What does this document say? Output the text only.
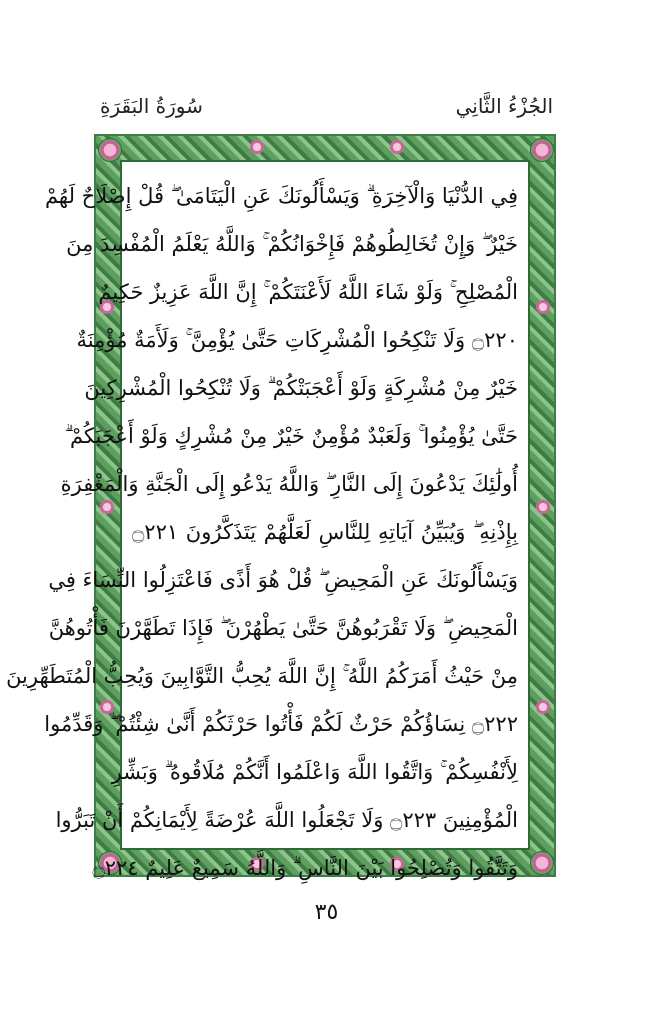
سُورَةُ البَقَرَةِ	الجُزْءُ الثَّانِي
فِي الدُّنْيَا وَالْآخِرَةِ ۗ وَيَسْأَلُونَكَ عَنِ الْيَتَامَىٰ ۖ قُلْ إِصْلَاحٌ لَهُمْ
خَيْرٌ ۖ وَإِنْ تُخَالِطُوهُمْ فَإِخْوَانُكُمْ ۚ وَاللَّهُ يَعْلَمُ الْمُفْسِدَ مِنَ
الْمُصْلِحِ ۚ وَلَوْ شَاءَ اللَّهُ لَأَعْنَتَكُمْ ۚ إِنَّ اللَّهَ عَزِيزٌ حَكِيمٌ
۝٢٢٠ وَلَا تَنْكِحُوا الْمُشْرِكَاتِ حَتَّىٰ يُؤْمِنَّ ۚ وَلَأَمَةٌ مُؤْمِنَةٌ
خَيْرٌ مِنْ مُشْرِكَةٍ وَلَوْ أَعْجَبَتْكُمْ ۗ وَلَا تُنْكِحُوا الْمُشْرِكِينَ
حَتَّىٰ يُؤْمِنُوا ۚ وَلَعَبْدٌ مُؤْمِنٌ خَيْرٌ مِنْ مُشْرِكٍ وَلَوْ أَعْجَبَكُمْ ۗ
أُولَٰئِكَ يَدْعُونَ إِلَى النَّارِ ۖ وَاللَّهُ يَدْعُو إِلَى الْجَنَّةِ وَالْمَغْفِرَةِ
بِإِذْنِهِ ۖ وَيُبَيِّنُ آيَاتِهِ لِلنَّاسِ لَعَلَّهُمْ يَتَذَكَّرُونَ ۝٢٢١
وَيَسْأَلُونَكَ عَنِ الْمَحِيضِ ۖ قُلْ هُوَ أَذًى فَاعْتَزِلُوا النِّسَاءَ فِي
الْمَحِيضِ ۖ وَلَا تَقْرَبُوهُنَّ حَتَّىٰ يَطْهُرْنَ ۖ فَإِذَا تَطَهَّرْنَ فَأْتُوهُنَّ
مِنْ حَيْثُ أَمَرَكُمُ اللَّهُ ۚ إِنَّ اللَّهَ يُحِبُّ التَّوَّابِينَ وَيُحِبُّ الْمُتَطَهِّرِينَ
۝٢٢٢ نِسَاؤُكُمْ حَرْثٌ لَكُمْ فَأْتُوا حَرْثَكُمْ أَنَّىٰ شِئْتُمْ ۖ وَقَدِّمُوا
لِأَنْفُسِكُمْ ۚ وَاتَّقُوا اللَّهَ وَاعْلَمُوا أَنَّكُمْ مُلَاقُوهُ ۗ وَبَشِّرِ
الْمُؤْمِنِينَ ۝٢٢٣ وَلَا تَجْعَلُوا اللَّهَ عُرْضَةً لِأَيْمَانِكُمْ أَنْ تَبَرُّوا
وَتَتَّقُوا وَتُصْلِحُوا بَيْنَ النَّاسِ ۗ وَاللَّهُ سَمِيعٌ عَلِيمٌ ۝٢٢٤
٣٥
